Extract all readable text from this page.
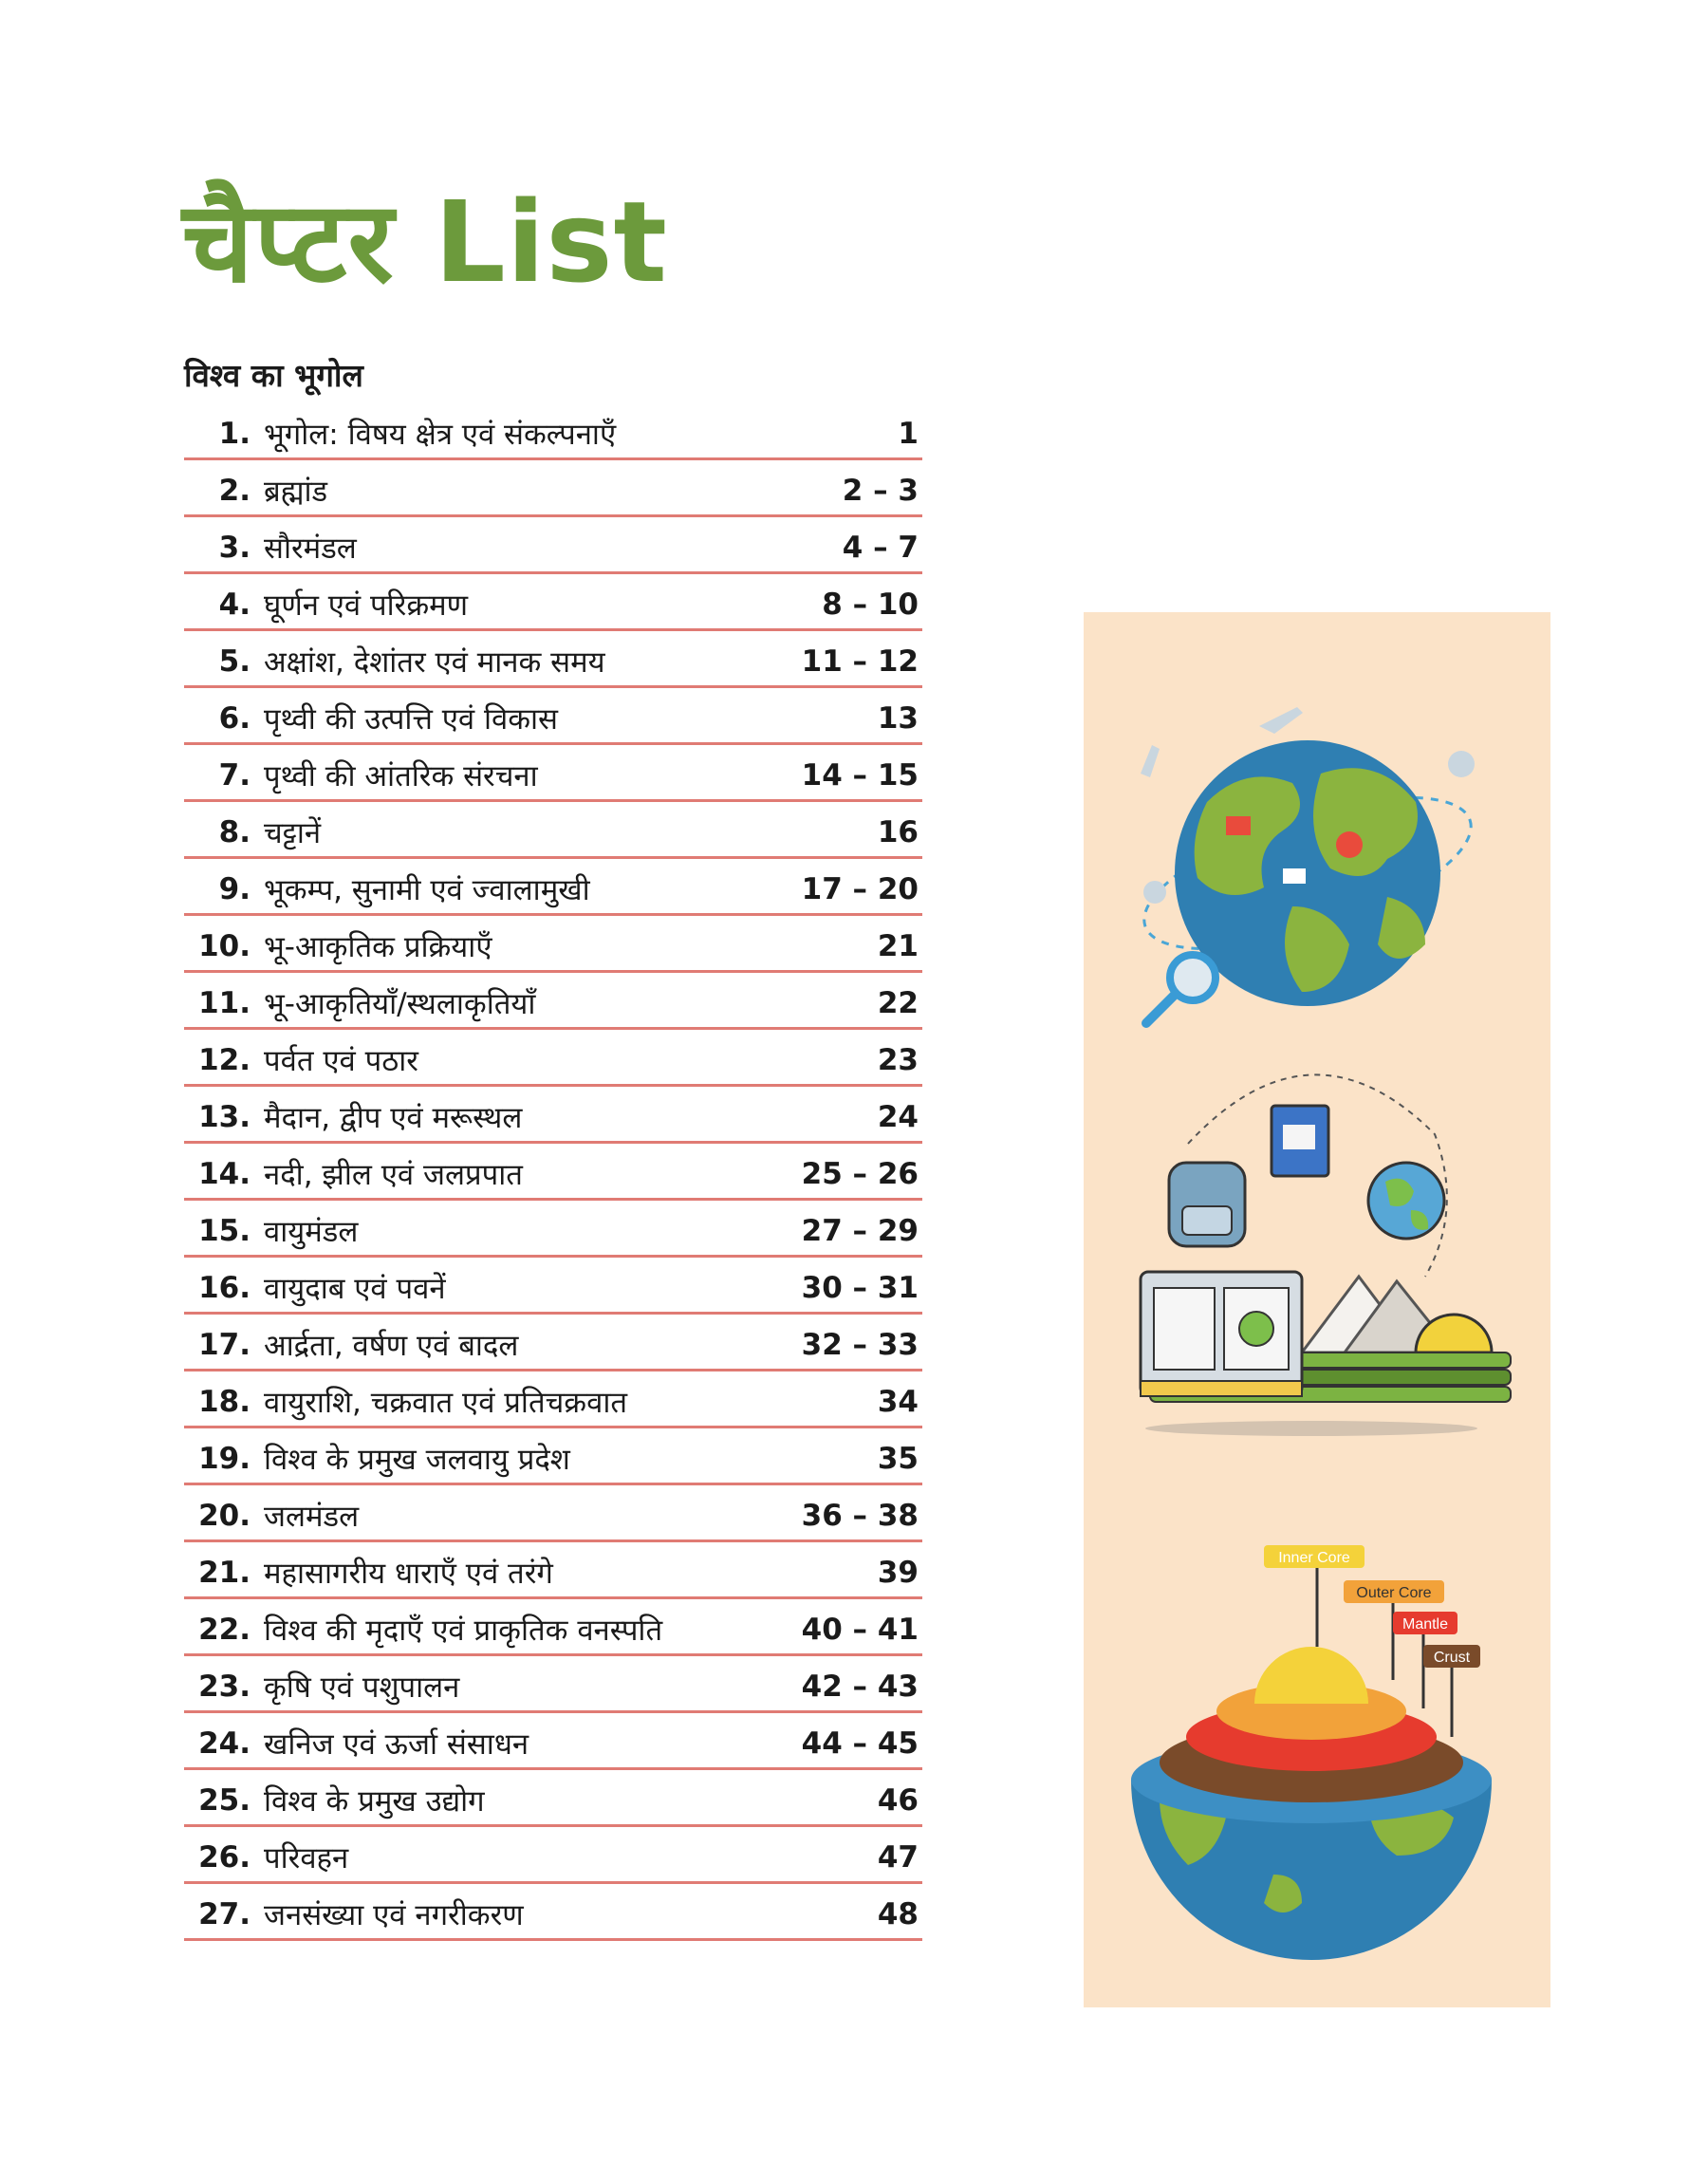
चैप्टर List
विश्व का भूगोल
1. भूगोल: विषय क्षेत्र एवं संकल्पनाएँ	1
2. ब्रह्मांड	2 – 3
3. सौरमंडल	4 – 7
4. घूर्णन एवं परिक्रमण	8 – 10
5. अक्षांश, देशांतर एवं मानक समय	11 – 12
6. पृथ्वी की उत्पत्ति एवं विकास	13
7. पृथ्वी की आंतरिक संरचना	14 – 15
8. चट्टानें	16
9. भूकम्प, सुनामी एवं ज्वालामुखी	17 – 20
10. भू-आकृतिक प्रक्रियाएँ	21
11. भू-आकृतियाँ/स्थलाकृतियाँ	22
12. पर्वत एवं पठार	23
13. मैदान, द्वीप एवं मरूस्थल	24
14. नदी, झील एवं जलप्रपात	25 – 26
15. वायुमंडल	27 – 29
16. वायुदाब एवं पवनें	30 – 31
17. आर्द्रता, वर्षण एवं बादल	32 – 33
18. वायुराशि, चक्रवात एवं प्रतिचक्रवात	34
19. विश्व के प्रमुख जलवायु प्रदेश	35
20. जलमंडल	36 – 38
21. महासागरीय धाराएँ एवं तरंगे	39
22. विश्व की मृदाएँ एवं प्राकृतिक वनस्पति	40 – 41
23. कृषि एवं पशुपालन	42 – 43
24. खनिज एवं ऊर्जा संसाधन	44 – 45
25. विश्व के प्रमुख उद्योग	46
26. परिवहन	47
27. जनसंख्या एवं नगरीकरण	48
Inner Core
Outer Core
Mantle
Crust
